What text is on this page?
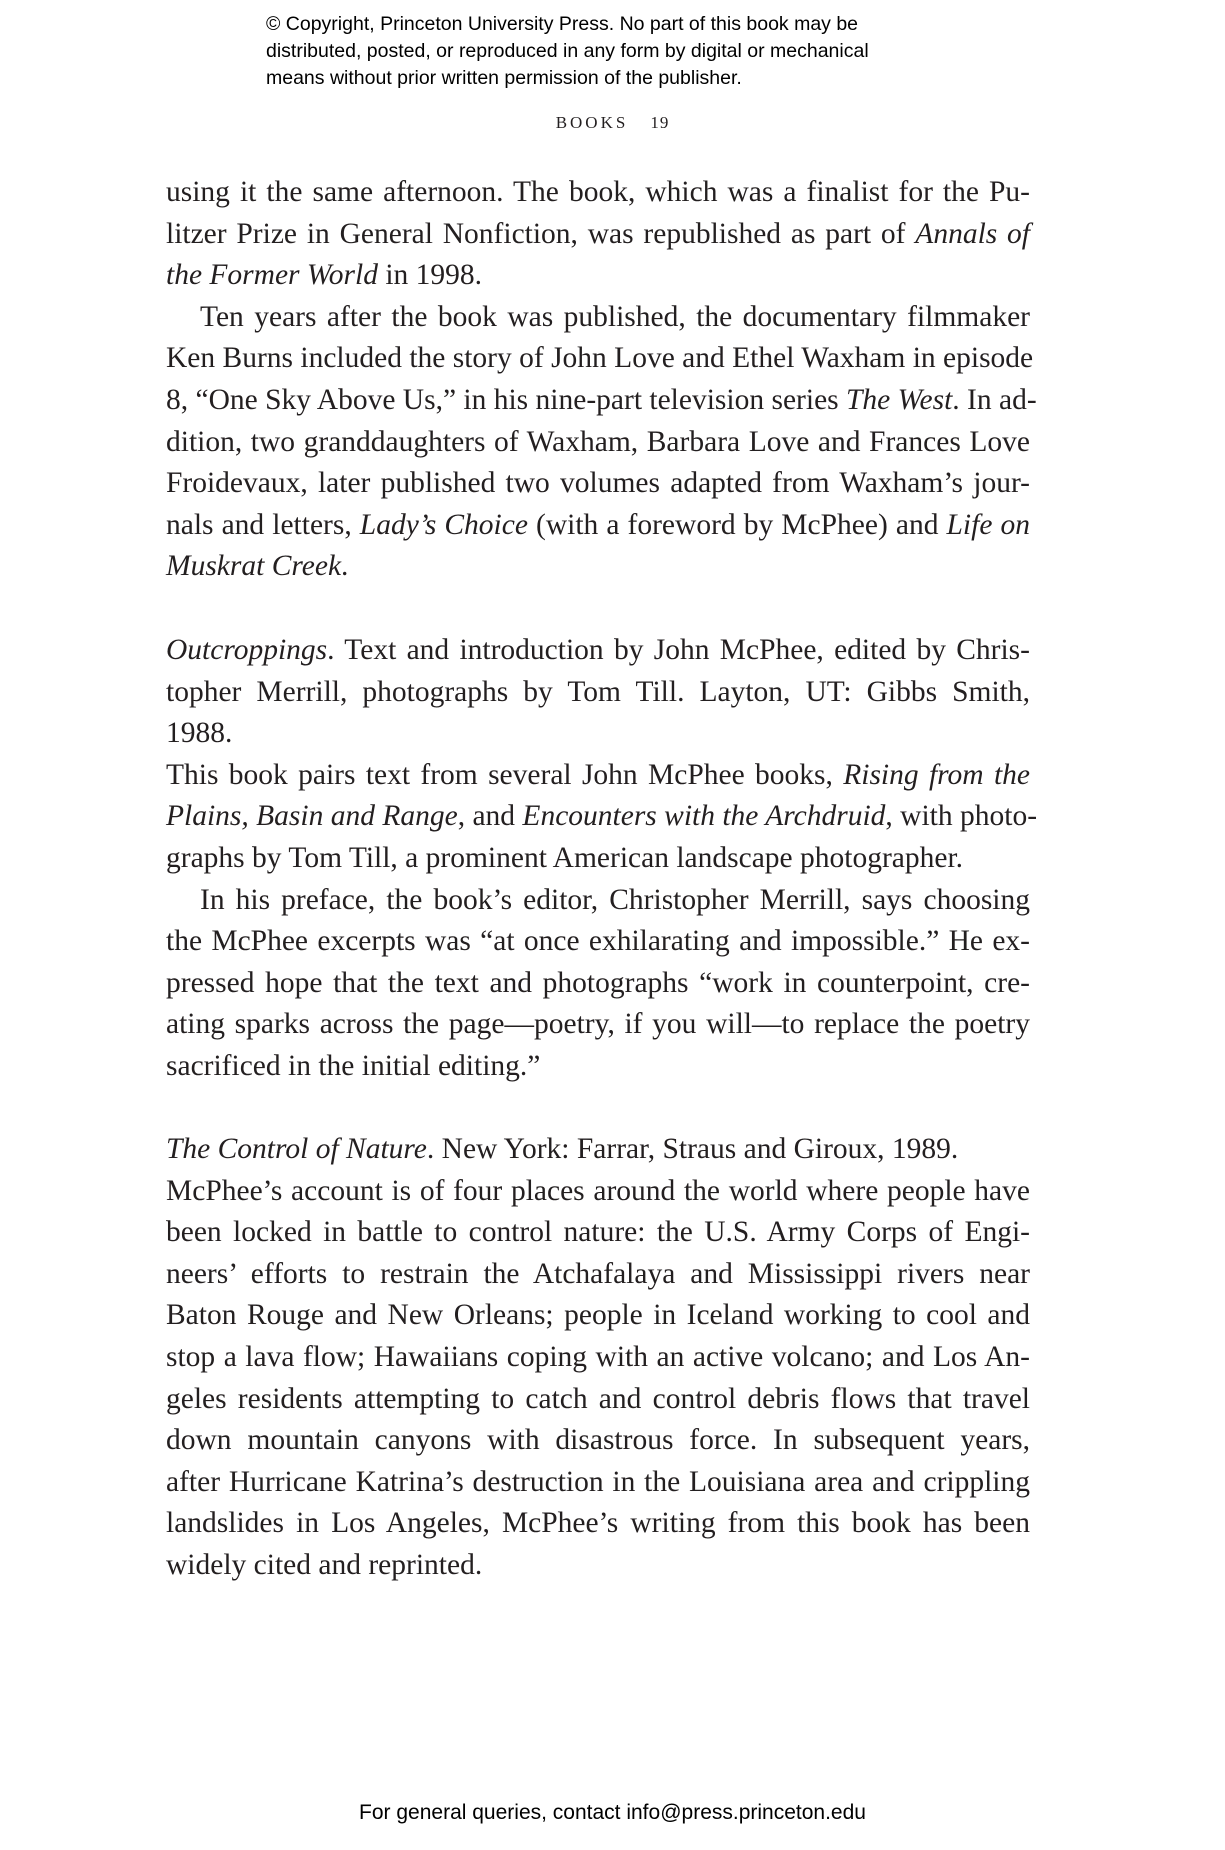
© Copyright, Princeton University Press. No part of this book may be
distributed, posted, or reproduced in any form by digital or mechanical
means without prior written permission of the publisher.
BOOKS 19
using it the same afternoon. The book, which was a finalist for the Pu-
litzer Prize in General Nonfiction, was republished as part of Annals of
the Former World in 1998.
Ten years after the book was published, the documentary filmmaker
Ken Burns included the story of John Love and Ethel Waxham in episode
8, “One Sky Above Us,” in his nine-part television series The West. In ad-
dition, two granddaughters of Waxham, Barbara Love and Frances Love
Froidevaux, later published two volumes adapted from Waxham’s jour-
nals and letters, Lady’s Choice (with a foreword by McPhee) and Life on
Muskrat Creek.
Outcroppings. Text and introduction by John McPhee, edited by Chris-
topher Merrill, photographs by Tom Till. Layton, UT: Gibbs Smith,
1988.
This book pairs text from several John McPhee books, Rising from the
Plains, Basin and Range, and Encounters with the Archdruid, with photo-
graphs by Tom Till, a prominent American landscape photographer.
In his preface, the book’s editor, Christopher Merrill, says choosing
the McPhee excerpts was “at once exhilarating and impossible.” He ex-
pressed hope that the text and photographs “work in counterpoint, cre-
ating sparks across the page—poetry, if you will—to replace the poetry
sacrificed in the initial editing.”
The Control of Nature. New York: Farrar, Straus and Giroux, 1989.
McPhee’s account is of four places around the world where people have
been locked in battle to control nature: the U.S. Army Corps of Engi-
neers’ efforts to restrain the Atchafalaya and Mississippi rivers near
Baton Rouge and New Orleans; people in Iceland working to cool and
stop a lava flow; Hawaiians coping with an active volcano; and Los An-
geles residents attempting to catch and control debris flows that travel
down mountain canyons with disastrous force. In subsequent years,
after Hurricane Katrina’s destruction in the Louisiana area and crippling
landslides in Los Angeles, McPhee’s writing from this book has been
widely cited and reprinted.
For general queries, contact info@press.princeton.edu
